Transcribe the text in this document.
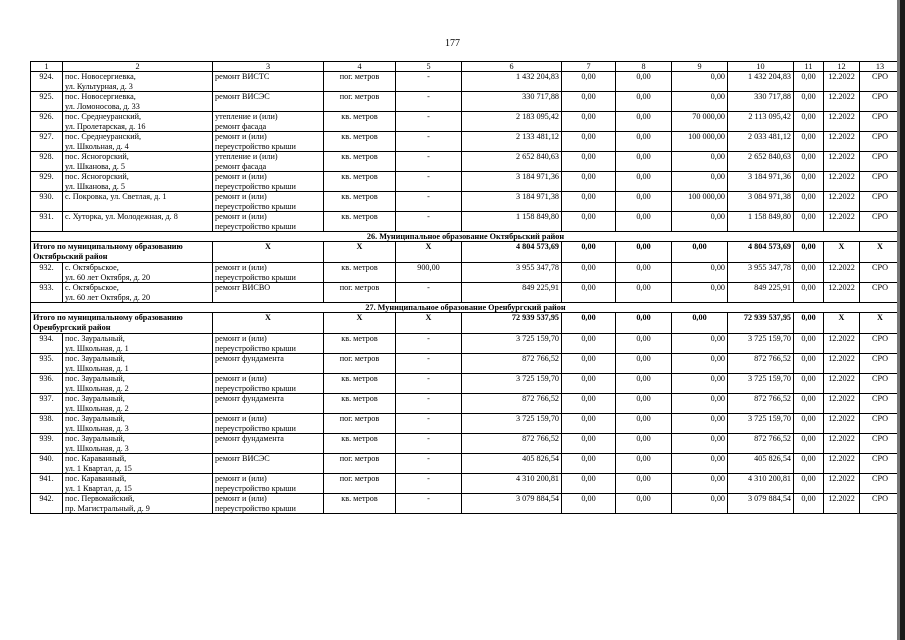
177
1	2	3	4	5	6	7	8	9	10	11	12	13
924.	пос. Новосергиевка,
ул. Культурная, д. 3	ремонт ВИСТС	пог. метров	-	1 432 204,83	0,00	0,00	0,00	1 432 204,83	0,00	12.2022	СРО
925.	пос. Новосергиевка,
ул. Ломоносова, д. 33	ремонт ВИСЭС	пог. метров	-	330 717,88	0,00	0,00	0,00	330 717,88	0,00	12.2022	СРО
926.	пос. Среднеуранский,
ул. Пролетарская, д. 16	утепление и (или)
ремонт фасада	кв. метров	-	2 183 095,42	0,00	0,00	70 000,00	2 113 095,42	0,00	12.2022	СРО
927.	пос. Среднеуранский,
ул. Школьная, д. 4	ремонт и (или)
переустройство крыши	кв. метров	-	2 133 481,12	0,00	0,00	100 000,00	2 033 481,12	0,00	12.2022	СРО
928.	пос. Ясногорский,
ул. Шканова, д. 5	утепление и (или)
ремонт фасада	кв. метров	-	2 652 840,63	0,00	0,00	0,00	2 652 840,63	0,00	12.2022	СРО
929.	пос. Ясногорский,
ул. Шканова, д. 5	ремонт и (или)
переустройство крыши	кв. метров	-	3 184 971,36	0,00	0,00	0,00	3 184 971,36	0,00	12.2022	СРО
930.	с. Покровка, ул. Светлая, д. 1	ремонт и (или)
переустройство крыши	кв. метров	-	3 184 971,38	0,00	0,00	100 000,00	3 084 971,38	0,00	12.2022	СРО
931.	с. Хуторка, ул. Молодежная, д. 8	ремонт и (или)
переустройство крыши	кв. метров	-	1 158 849,80	0,00	0,00	0,00	1 158 849,80	0,00	12.2022	СРО
26. Муниципальное образование Октябрьский район												
Итого по муниципальному образованию Октябрьский район		X	X	X	4 804 573,69	0,00	0,00	0,00	4 804 573,69	0,00	X	X
932.	с. Октябрьское,
ул. 60 лет Октября, д. 20	ремонт и (или)
переустройство крыши	кв. метров	900,00	3 955 347,78	0,00	0,00	0,00	3 955 347,78	0,00	12.2022	СРО
933.	с. Октябрьское,
ул. 60 лет Октября, д. 20	ремонт ВИСВО	пог. метров	-	849 225,91	0,00	0,00	0,00	849 225,91	0,00	12.2022	СРО
27. Муниципальное образование Оренбургский район												
Итого по муниципальному образованию Оренбургский район		X	X	X	72 939 537,95	0,00	0,00	0,00	72 939 537,95	0,00	X	X
934.	пос. Зауральный,
ул. Школьная, д. 1	ремонт и (или)
переустройство крыши	кв. метров	-	3 725 159,70	0,00	0,00	0,00	3 725 159,70	0,00	12.2022	СРО
935.	пос. Зауральный,
ул. Школьная, д. 1	ремонт фундамента	пог. метров	-	872 766,52	0,00	0,00	0,00	872 766,52	0,00	12.2022	СРО
936.	пос. Зауральный,
ул. Школьная, д. 2	ремонт и (или)
переустройство крыши	кв. метров	-	3 725 159,70	0,00	0,00	0,00	3 725 159,70	0,00	12.2022	СРО
937.	пос. Зауральный,
ул. Школьная, д. 2	ремонт фундамента	кв. метров	-	872 766,52	0,00	0,00	0,00	872 766,52	0,00	12.2022	СРО
938.	пос. Зауральный,
ул. Школьная, д. 3	ремонт и (или)
переустройство крыши	пог. метров	-	3 725 159,70	0,00	0,00	0,00	3 725 159,70	0,00	12.2022	СРО
939.	пос. Зауральный,
ул. Школьная, д. 3	ремонт фундамента	кв. метров	-	872 766,52	0,00	0,00	0,00	872 766,52	0,00	12.2022	СРО
940.	пос. Караванный,
ул. 1 Квартал, д. 15	ремонт ВИСЭС	пог. метров	-	405 826,54	0,00	0,00	0,00	405 826,54	0,00	12.2022	СРО
941.	пос. Караванный,
ул. 1 Квартал, д. 15	ремонт и (или)
переустройство крыши	пог. метров	-	4 310 200,81	0,00	0,00	0,00	4 310 200,81	0,00	12.2022	СРО
942.	пос. Первомайский,
пр. Магистральный, д. 9	ремонт и (или)
переустройство крыши	кв. метров	-	3 079 884,54	0,00	0,00	0,00	3 079 884,54	0,00	12.2022	СРО
